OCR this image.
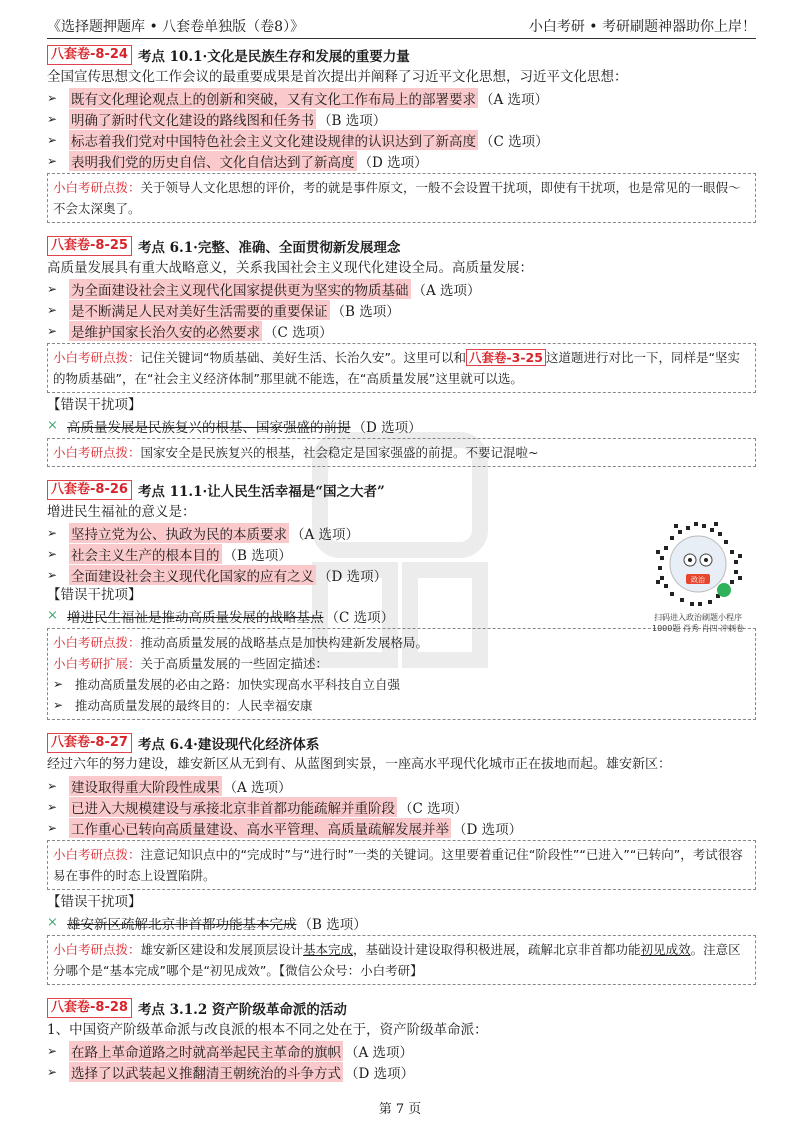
《选择题押题库 • 八套卷单独版（卷8）》	小白考研 • 考研刷题神器助你上岸！
八套卷-8-24 考点 10.1·文化是民族生存和发展的重要力量
全国宣传思想文化工作会议的最重要成果是首次提出并阐释了习近平文化思想，习近平文化思想：
➢	既有文化理论观点上的创新和突破，又有文化工作布局上的部署要求 （A 选项）
➢	明确了新时代文化建设的路线图和任务书 （B 选项）
➢	标志着我们党对中国特色社会主义文化建设规律的认识达到了新高度 （C 选项）
➢	表明我们党的历史自信、文化自信达到了新高度 （D 选项）
小白考研点拨：关于领导人文化思想的评价，考的就是事件原文，一般不会设置干扰项，即使有干扰项，也是常见的一眼假～不会太深奥了。
八套卷-8-25 考点 6.1·完整、准确、全面贯彻新发展理念
高质量发展具有重大战略意义，关系我国社会主义现代化建设全局。高质量发展：
➢	为全面建设社会主义现代化国家提供更为坚实的物质基础 （A 选项）
➢	是不断满足人民对美好生活需要的重要保证 （B 选项）
➢	是维护国家长治久安的必然要求 （C 选项）
小白考研点拨：记住关键词“物质基础、美好生活、长治久安”。这里可以和 八套卷-3-25 这道题进行对比一下，同样是“坚实的物质基础”，在“社会主义经济体制”那里就不能选，在“高质量发展”这里就可以选。
【错误干扰项】
× 高质量发展是民族复兴的根基、国家强盛的前提 （D 选项）
小白考研点拨：国家安全是民族复兴的根基，社会稳定是国家强盛的前提。不要记混啦~
八套卷-8-26 考点 11.1·让人民生活幸福是“国之大者”
增进民生福祉的意义是：
➢	坚持立党为公、执政为民的本质要求 （A 选项）
➢	社会主义生产的根本目的 （B 选项）
➢	全面建设社会主义现代化国家的应有之义 （D 选项）
【错误干扰项】
× 增进民生福祉是推动高质量发展的战略基点 （C 选项）
小白考研点拨：推动高质量发展的战略基点是加快构建新发展格局。
小白考研扩展：关于高质量发展的一些固定描述：
➢ 推动高质量发展的必由之路：加快实现高水平科技自立自强
➢ 推动高质量发展的最终目的：人民幸福安康
八套卷-8-27 考点 6.4·建设现代化经济体系
经过六年的努力建设，雄安新区从无到有、从蓝图到实景，一座高水平现代化城市正在拔地而起。雄安新区：
➢	建设取得重大阶段性成果 （A 选项）
➢	已进入大规模建设与承接北京非首都功能疏解并重阶段 （C 选项）
➢	工作重心已转向高质量建设、高水平管理、高质量疏解发展并举 （D 选项）
小白考研点拨：注意记知识点中的“完成时”与“进行时”一类的关键词。这里要着重记住“阶段性”“已进入”“已转向”，考试很容易在事件的时态上设置陷阱。
【错误干扰项】
× 雄安新区疏解北京非首都功能基本完成 （B 选项）
小白考研点拨：雄安新区建设和发展顶层设计基本完成，基础设计建设取得积极进展，疏解北京非首都功能初见成效。注意区分哪个是“基本完成”哪个是“初见成效”。【微信公众号：小白考研】
八套卷-8-28 考点 3.1.2 资产阶级革命派的活动
1、中国资产阶级革命派与改良派的根本不同之处在于，资产阶级革命派：
➢	在路上革命道路之时就高举起民主革命的旗帜 （A 选项）
➢	选择了以武装起义推翻清王朝统治的斗争方式 （D 选项）
政治
扫码进入政治刷题小程序
1000题 肖秀 肖四 冲刺卷
第 7 页
